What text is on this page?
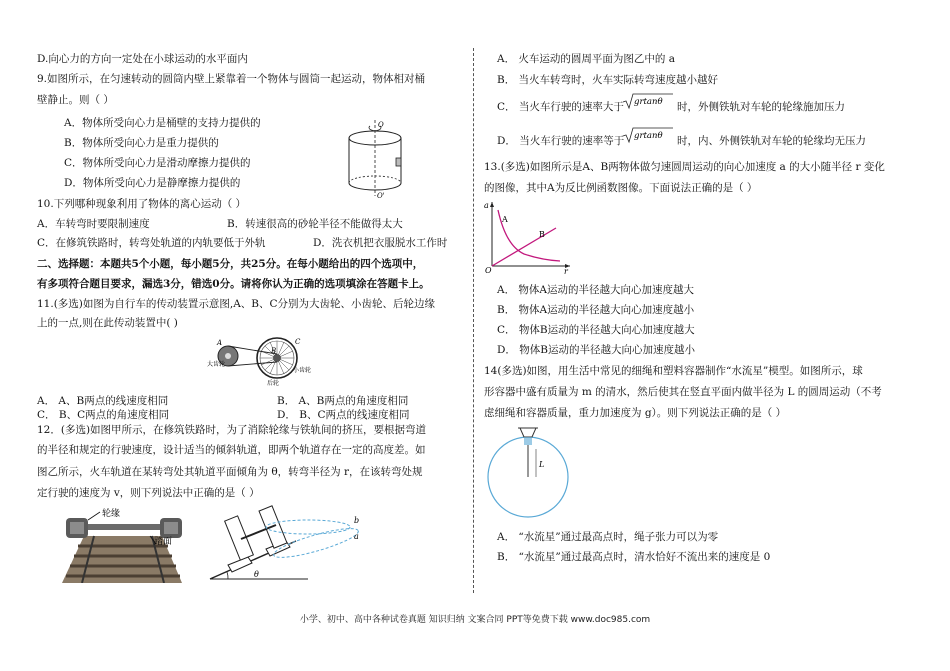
D.向心力的方向一定处在小球运动的水平面内
9.如图所示，在匀速转动的圆筒内壁上紧靠着一个物体与圆筒一起运动，物体相对桶
壁静止。则（ ）
A．物体所受向心力是桶壁的支持力提供的
B．物体所受向心力是重力提供的
C．物体所受向心力是滑动摩擦力提供的
D．物体所受向心力是静摩擦力提供的
O
O'
10.下列哪种现象利用了物体的离心运动（ ）
A．车转弯时要限制速度	B．转速很高的砂轮半径不能做得太大
C．在修筑铁路时，转弯处轨道的内轨要低于外轨	D．洗衣机把衣服脱水工作时
二、选择题：本题共5个小题，每小题5分，共25分。在每小题给出的四个选项中，
有多项符合题目要求，漏选3分，错选0分。请将你认为正确的选项填涂在答题卡上。
11.(多选)如图为自行车的传动装置示意图,A、B、C分别为大齿轮、小齿轮、后轮边缘
上的一点,则在此传动装置中( )
A
B
C
大齿轮
小齿轮
后轮
A． A、B两点的线速度相同	B． A、B两点的角速度相同
C． B、C两点的角速度相同	D． B、C两点的线速度相同
12．(多选)如图甲所示，在修筑铁路时，为了消除轮缘与铁轨间的挤压，要根据弯道
的半径和规定的行驶速度，设计适当的倾斜轨道，即两个轨道存在一定的高度差。如
图乙所示，火车轨道在某转弯处其轨道平面倾角为 θ，转弯半径为 r，在该转弯处规
定行驶的速度为 v，则下列说法中正确的是（ ）
轮缘
踏面
θ
b
a
A． 火车运动的圆周平面为图乙中的 a
B． 当火车转弯时，火车实际转弯速度越小越好
C． 当火车行驶的速率大于 grtanθ 时，外侧铁轨对车轮的轮缘施加压力
D． 当火车行驶的速率等于 grtanθ 时，内、外侧铁轨对车轮的轮缘均无压力
13.(多选)如图所示是A、B两物体做匀速圆周运动的向心加速度 a 的大小随半径 r 变化
的图像，其中A为反比例函数图像。下面说法正确的是（ ）
a
A
B
O	r
A． 物体A运动的半径越大向心加速度越大
B． 物体A运动的半径越大向心加速度越小
C． 物体B运动的半径越大向心加速度越大
D． 物体B运动的半径越大向心加速度越小
14(多选)如图，用生活中常见的细绳和塑料容器制作“水流星”模型。如图所示，球
形容器中盛有质量为 m 的清水，然后使其在竖直平面内做半径为 L 的圆周运动（不考
虑细绳和容器质量，重力加速度为 g）。则下列说法正确的是（ ）
L
A． “水流星”通过最高点时，绳子张力可以为零
B． “水流星”通过最高点时，清水恰好不流出来的速度是 0
小学、初中、高中各种试卷真题 知识归纳 文案合同 PPT等免费下载 www.doc985.com
